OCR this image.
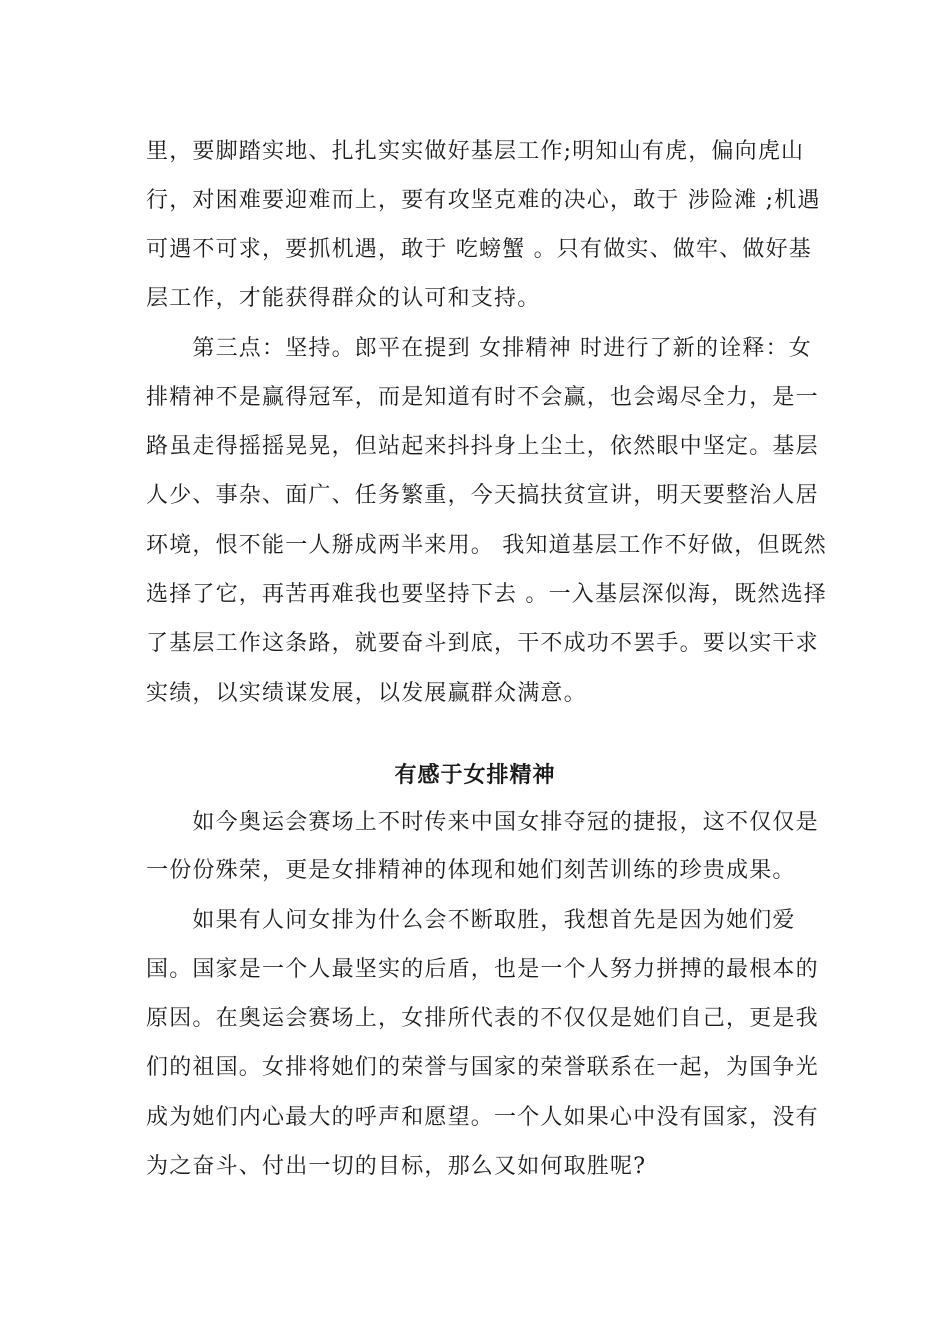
里，要脚踏实地、扎扎实实做好基层工作;明知山有虎，偏向虎山
行，对困难要迎难而上，要有攻坚克难的决心，敢于 涉险滩 ;机遇
可遇不可求，要抓机遇，敢于 吃螃蟹 。只有做实、做牢、做好基
层工作，才能获得群众的认可和支持。
　　第三点：坚持。郎平在提到 女排精神 时进行了新的诠释：女
排精神不是赢得冠军，而是知道有时不会赢，也会竭尽全力，是一
路虽走得摇摇晃晃，但站起来抖抖身上尘土，依然眼中坚定。基层
人少、事杂、面广、任务繁重，今天搞扶贫宣讲，明天要整治人居
环境，恨不能一人掰成两半来用。 我知道基层工作不好做，但既然
选择了它，再苦再难我也要坚持下去 。一入基层深似海，既然选择
了基层工作这条路，就要奋斗到底，干不成功不罢手。要以实干求
实绩，以实绩谋发展，以发展赢群众满意。
有感于女排精神
　　如今奥运会赛场上不时传来中国女排夺冠的捷报，这不仅仅是
一份份殊荣，更是女排精神的体现和她们刻苦训练的珍贵成果。
　　如果有人问女排为什么会不断取胜，我想首先是因为她们爱
国。国家是一个人最坚实的后盾，也是一个人努力拼搏的最根本的
原因。在奥运会赛场上，女排所代表的不仅仅是她们自己，更是我
们的祖国。女排将她们的荣誉与国家的荣誉联系在一起，为国争光
成为她们内心最大的呼声和愿望。一个人如果心中没有国家，没有
为之奋斗、付出一切的目标，那么又如何取胜呢?
